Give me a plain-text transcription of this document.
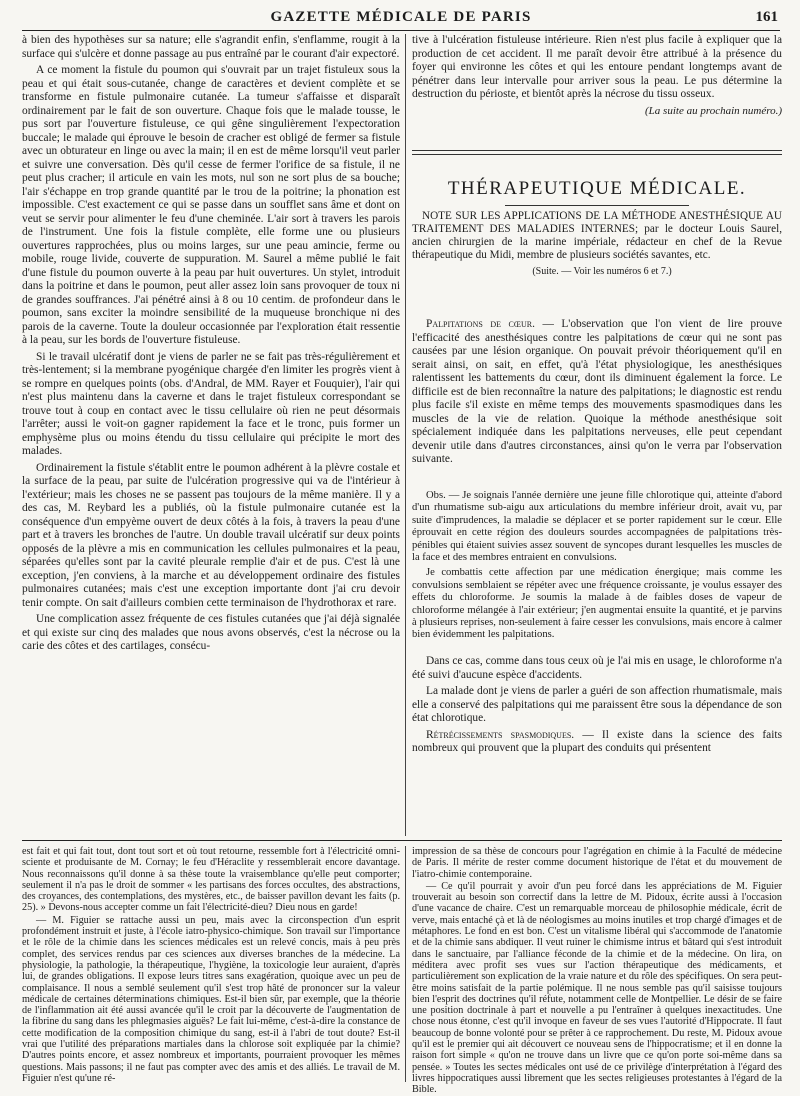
GAZETTE MÉDICALE DE PARIS	161

à bien des hypothèses sur sa nature; elle s'agrandit enfin, s'enflamme, rougit à la surface qui s'ulcère et donne passage au pus entraîné par le courant d'air expectoré.

A ce moment la fistule du poumon qui s'ouvrait par un trajet fistuleux sous la peau et qui était sous-cutanée, change de caractères et devient complète et se transforme en fistule pulmonaire cutanée. La tumeur s'affaisse et disparaît ordinairement par le fait de son ouverture. Chaque fois que le malade tousse, le pus sort par l'ouverture fistuleuse, ce qui gêne singulièrement l'expectoration buccale; le malade qui éprouve le besoin de cracher est obligé de fermer sa fistule avec un obturateur en linge ou avec la main; il en est de même lorsqu'il veut parler et suivre une conversation. Dès qu'il cesse de fermer l'orifice de sa fistule, il ne peut plus cracher; il articule en vain les mots, nul son ne sort plus de sa bouche; l'air s'échappe en trop grande quantité par le trou de la poitrine; la phonation est impossible. C'est exactement ce qui se passe dans un soufflet sans âme et dont on veut se servir pour alimenter le feu d'une cheminée. L'air sort à travers les parois de l'instrument. Une fois la fistule complète, elle forme une ou plusieurs ouvertures rapprochées, plus ou moins larges, sur une peau amincie, ferme ou mobile, rouge livide, couverte de suppuration. M. Saurel a même publié le fait d'une fistule du poumon ouverte à la peau par huit ouvertures. Un stylet, introduit dans la poitrine et dans le poumon, peut aller assez loin sans provoquer de toux ni de grandes souffrances. J'ai pénétré ainsi à 8 ou 10 centim. de profondeur dans le poumon, sans exciter la moindre sensibilité de la muqueuse bronchique ni des parois de la caverne. Toute la douleur occasionnée par l'exploration était ressentie à la peau, sur les bords de l'ouverture fistuleuse.

Si le travail ulcératif dont je viens de parler ne se fait pas très-régulièrement et très-lentement; si la membrane pyogénique chargée d'en limiter les progrès vient à se rompre en quelques points (obs. d'Andral, de MM. Rayer et Fouquier), l'air qui n'est plus maintenu dans la caverne et dans le trajet fistuleux correspondant se trouve tout à coup en contact avec le tissu cellulaire où rien ne peut désormais l'arrêter; aussi le voit-on gagner rapidement la face et le tronc, puis former un emphysème plus ou moins étendu du tissu cellulaire qui précipite le mort des malades.

Ordinairement la fistule s'établit entre le poumon adhérent à la plèvre costale et la surface de la peau, par suite de l'ulcération progressive qui va de l'intérieur à l'extérieur; mais les choses ne se passent pas toujours de la même manière. Il y a des cas, M. Reybard les a publiés, où la fistule pulmonaire cutanée est la conséquence d'un empyème ouvert de deux côtés à la fois, à travers la peau d'une part et à travers les bronches de l'autre. Un double travail ulcératif sur deux points opposés de la plèvre a mis en communication les cellules pulmonaires et la peau, séparées qu'elles sont par la cavité pleurale remplie d'air et de pus. C'est là une exception, j'en conviens, à la marche et au développement ordinaire des fistules pulmonaires cutanées; mais c'est une exception importante dont j'ai cru devoir tenir compte. On sait d'ailleurs combien cette terminaison de l'hydrothorax et rare.

Une complication assez fréquente de ces fistules cutanées que j'ai déjà signalée et qui existe sur cinq des malades que nous avons observés, c'est la nécrose ou la carie des côtes et des cartilages, consécu-

tive à l'ulcération fistuleuse intérieure. Rien n'est plus facile à expliquer que la production de cet accident. Il me paraît devoir être attribué à la présence du foyer qui environne les côtes et qui les entoure pendant longtemps avant de pénétrer dans leur intervalle pour arriver sous la peau. Le pus détermine la destruction du périoste, et bientôt après la nécrose du tissu osseux.

(La suite au prochain numéro.)

THÉRAPEUTIQUE MÉDICALE.

NOTE SUR LES APPLICATIONS DE LA MÉTHODE ANESTHÉSIQUE AU TRAITEMENT DES MALADIES INTERNES; par le docteur Louis Saurel, ancien chirurgien de la marine impériale, rédacteur en chef de la Revue thérapeutique du Midi, membre de plusieurs sociétés savantes, etc.

(Suite. — Voir les numéros 6 et 7.)

Palpitations de cœur. — L'observation que l'on vient de lire prouve l'efficacité des anesthésiques contre les palpitations de cœur qui ne sont pas causées par une lésion organique. On pouvait prévoir théoriquement qu'il en serait ainsi, on sait, en effet, qu'à l'état physiologique, les anesthésiques ralentissent les battements du cœur, dont ils diminuent également la force. Le difficile est de bien reconnaître la nature des palpitations; le diagnostic est rendu plus facile s'il existe en même temps des mouvements spasmodiques dans les muscles de la vie de relation. Quoique la méthode anesthésique soit spécialement indiquée dans les palpitations nerveuses, elle peut cependant devenir utile dans d'autres circonstances, ainsi qu'on le verra par l'observation suivante.

Obs. — Je soignais l'année dernière une jeune fille chlorotique qui, atteinte d'abord d'un rhumatisme sub-aigu aux articulations du membre inférieur droit, avait vu, par suite d'imprudences, la maladie se déplacer et se porter rapidement sur le cœur. Elle éprouvait en cette région des douleurs sourdes accompagnées de palpitations très-pénibles qui étaient suivies assez souvent de syncopes durant lesquelles les muscles de la face et des membres entraient en convulsions.

Je combattis cette affection par une médication énergique; mais comme les convulsions semblaient se répéter avec une fréquence croissante, je voulus essayer des effets du chloroforme. Je soumis la malade à de faibles doses de vapeur de chloroforme mélangée à l'air extérieur; j'en augmentai ensuite la quantité, et je parvins à plusieurs reprises, non-seulement à faire cesser les convulsions, mais encore à calmer bien évidemment les palpitations.

Dans ce cas, comme dans tous ceux où je l'ai mis en usage, le chloroforme n'a été suivi d'aucune espèce d'accidents.

La malade dont je viens de parler a guéri de son affection rhumatismale, mais elle a conservé des palpitations qui me paraissent être sous la dépendance de son état chlorotique.

Rétrécissements spasmodiques. — Il existe dans la science des faits nombreux qui prouvent que la plupart des conduits qui présentent

est fait et qui fait tout, dont tout sort et où tout retourne, ressemble fort à l'électricité omni-sciente et produisante de M. Cornay; le feu d'Héraclite y ressemblerait encore davantage. Nous reconnaissons qu'il donne à sa thèse toute la vraisemblance qu'elle peut comporter; seulement il n'a pas le droit de sommer « les partisans des forces occultes, des abstractions, des croyances, des contemplations, des mystères, etc., de baisser pavillon devant les faits (p. 25). » Devons-nous accepter comme un fait l'électricité-dieu? Dieu nous en garde!

— M. Figuier se rattache aussi un peu, mais avec la circonspection d'un esprit profondément instruit et juste, à l'école iatro-physico-chimique. Son travail sur l'importance et le rôle de la chimie dans les sciences médicales est un relevé concis, mais à peu près complet, des services rendus par ces sciences aux diverses branches de la médecine. La physiologie, la pathologie, la thérapeutique, l'hygiène, la toxicologie leur auraient, d'après lui, de grandes obligations. Il expose leurs titres sans exagération, quoique avec un peu de complaisance. Il nous a semblé seulement qu'il s'est trop hâté de prononcer sur la valeur médicale de certaines déterminations chimiques. Est-il bien sûr, par exemple, que la théorie de l'inflammation ait été aussi avancée qu'il le croit par la découverte de l'augmentation de la fibrine du sang dans les phlegmasies aiguës? Le fait lui-même, c'est-à-dire la constance de cette modification de la composition chimique du sang, est-il à l'abri de tout doute? Est-il vrai que l'utilité des préparations martiales dans la chlorose soit expliquée par la chimie? D'autres points encore, et assez nombreux et importants, pourraient provoquer les mêmes questions. Mais passons; il ne faut pas compter avec des amis et des alliés. Le travail de M. Figuier n'est qu'une ré-

impression de sa thèse de concours pour l'agrégation en chimie à la Faculté de médecine de Paris. Il mérite de rester comme document historique de l'état et du mouvement de l'iatro-chimie contemporaine.

— Ce qu'il pourrait y avoir d'un peu forcé dans les appréciations de M. Figuier trouverait au besoin son correctif dans la lettre de M. Pidoux, écrite aussi à l'occasion d'une vacance de chaire. C'est un remarquable morceau de philosophie médicale, écrit de verve, mais entaché çà et là de néologismes au moins inutiles et trop chargé d'images et de métaphores. Le fond en est bon. C'est un vitalisme libéral qui s'accommode de l'anatomie et de la chimie sans abdiquer. Il veut ruiner le chimisme intrus et bâtard qui s'est introduit dans le sanctuaire, par l'alliance féconde de la chimie et de la médecine. On lira, on méditera avec profit ses vues sur l'action thérapeutique des médicaments, et particulièrement son explication de la vraie nature et du rôle des spécifiques. On sera peut-être moins satisfait de la partie polémique. Il ne nous semble pas qu'il saisisse toujours bien l'esprit des doctrines qu'il réfute, notamment celle de Montpellier. Le désir de se faire une position doctrinale à part et nouvelle a pu l'entraîner à quelques inexactitudes. Une chose nous étonne, c'est qu'il invoque en faveur de ses vues l'autorité d'Hippocrate. Il faut beaucoup de bonne volonté pour se prêter à ce rapprochement. Du reste, M. Pidoux avoue qu'il est le premier qui ait découvert ce nouveau sens de l'hippocratisme; et il en donne la raison fort simple « qu'on ne trouve dans un livre que ce qu'on porte soi-même dans sa pensée. » Toutes les sectes médicales ont usé de ce privilège d'interprétation à l'égard des livres hippocratiques aussi librement que les sectes religieuses protestantes à l'égard de la Bible.
